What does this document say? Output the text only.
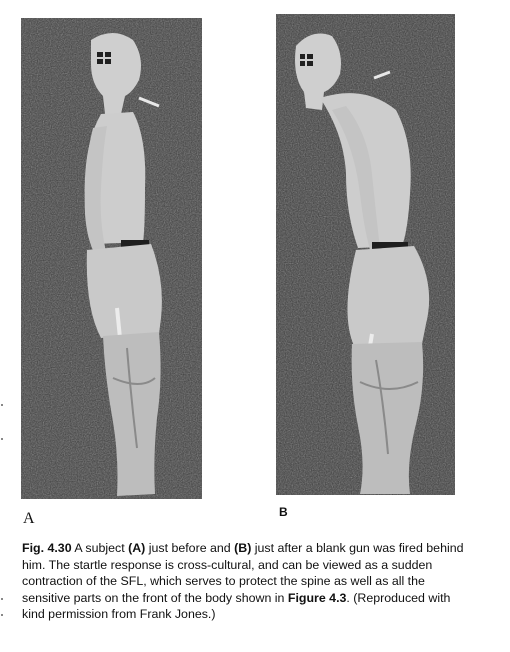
A	B
Fig. 4.30 A subject (A) just before and (B) just after a blank gun was fired behind him. The startle response is cross-cultural, and can be viewed as a sudden contraction of the SFL, which serves to protect the spine as well as all the sensitive parts on the front of the body shown in Figure 4.3. (Reproduced with kind permission from Frank Jones.)
